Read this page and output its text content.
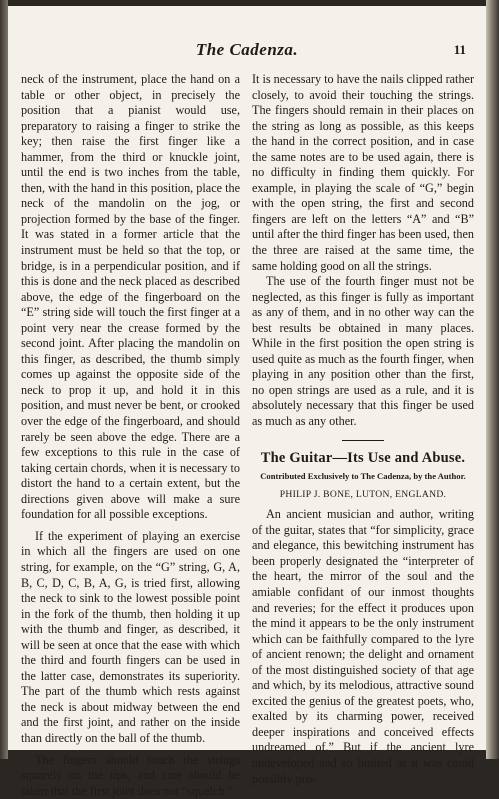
The Cadenza.	11

neck of the instrument, place the hand on a table or other object, in precisely the position that a pianist would use, preparatory to raising a finger to strike the key; then raise the first finger like a hammer, from the third or knuckle joint, until the end is two inches from the table, then, with the hand in this position, place the neck of the mandolin on the jog, or projection formed by the base of the finger. It was stated in a former article that the instrument must be held so that the top, or bridge, is in a perpendicular position, and if this is done and the neck placed as described above, the edge of the fingerboard on the “E” string side will touch the first finger at a point very near the crease formed by the second joint. After placing the mandolin on this finger, as described, the thumb simply comes up against the opposite side of the neck to prop it up, and hold it in this position, and must never be bent, or crooked over the edge of the fingerboard, and should rarely be seen above the edge. There are a few exceptions to this rule in the case of taking certain chords, when it is necessary to distort the hand to a certain extent, but the directions given above will make a sure foundation for all possible exceptions.

If the experiment of playing an exercise in which all the fingers are used on one string, for example, on the “G” string, G, A, B, C, D, C, B, A, G, is tried first, allowing the neck to sink to the lowest possible point in the fork of the thumb, then holding it up with the thumb and finger, as described, it will be seen at once that the ease with which the third and fourth fingers can be used in the latter case, demonstrates its superiority. The part of the thumb which rests against the neck is about midway between the end and the first joint, and rather on the inside than directly on the ball of the thumb.

The fingers should touch the strings squarely on the tips, and care should be taken that the first joint does not “squelch.”

It is necessary to have the nails clipped rather closely, to avoid their touching the strings. The fingers should remain in their places on the string as long as possible, as this keeps the hand in the correct position, and in case the same notes are to be used again, there is no difficulty in finding them quickly. For example, in playing the scale of “G,” begin with the open string, the first and second fingers are left on the letters “A” and “B” until after the third finger has been used, then the three are raised at the same time, the same holding good on all the strings.

The use of the fourth finger must not be neglected, as this finger is fully as important as any of them, and in no other way can the best results be obtained in many places. While in the first position the open string is used quite as much as the fourth finger, when playing in any position other than the first, no open strings are used as a rule, and it is absolutely necessary that this finger be used as much as any other.

The Guitar—Its Use and Abuse.
Contributed Exclusively to The Cadenza, by the Author.
PHILIP J. BONE, LUTON, ENGLAND.

An ancient musician and author, writing of the guitar, states that “for simplicity, grace and elegance, this bewitching instrument has been properly designated the “interpreter of the heart, the mirror of the soul and the amiable confidant of our inmost thoughts and reveries; for the effect it produces upon the mind it appears to be the only instrument which can be faithfully compared to the lyre of ancient renown; the delight and ornament of the most distinguished society of that age and which, by its melodious, attractive sound excited the genius of the greatest poets, who, exalted by its charming power, received deeper inspirations and conceived effects undreamed of.” But if the ancient lyre undeveloped and so limited as it was could possibly pro-
